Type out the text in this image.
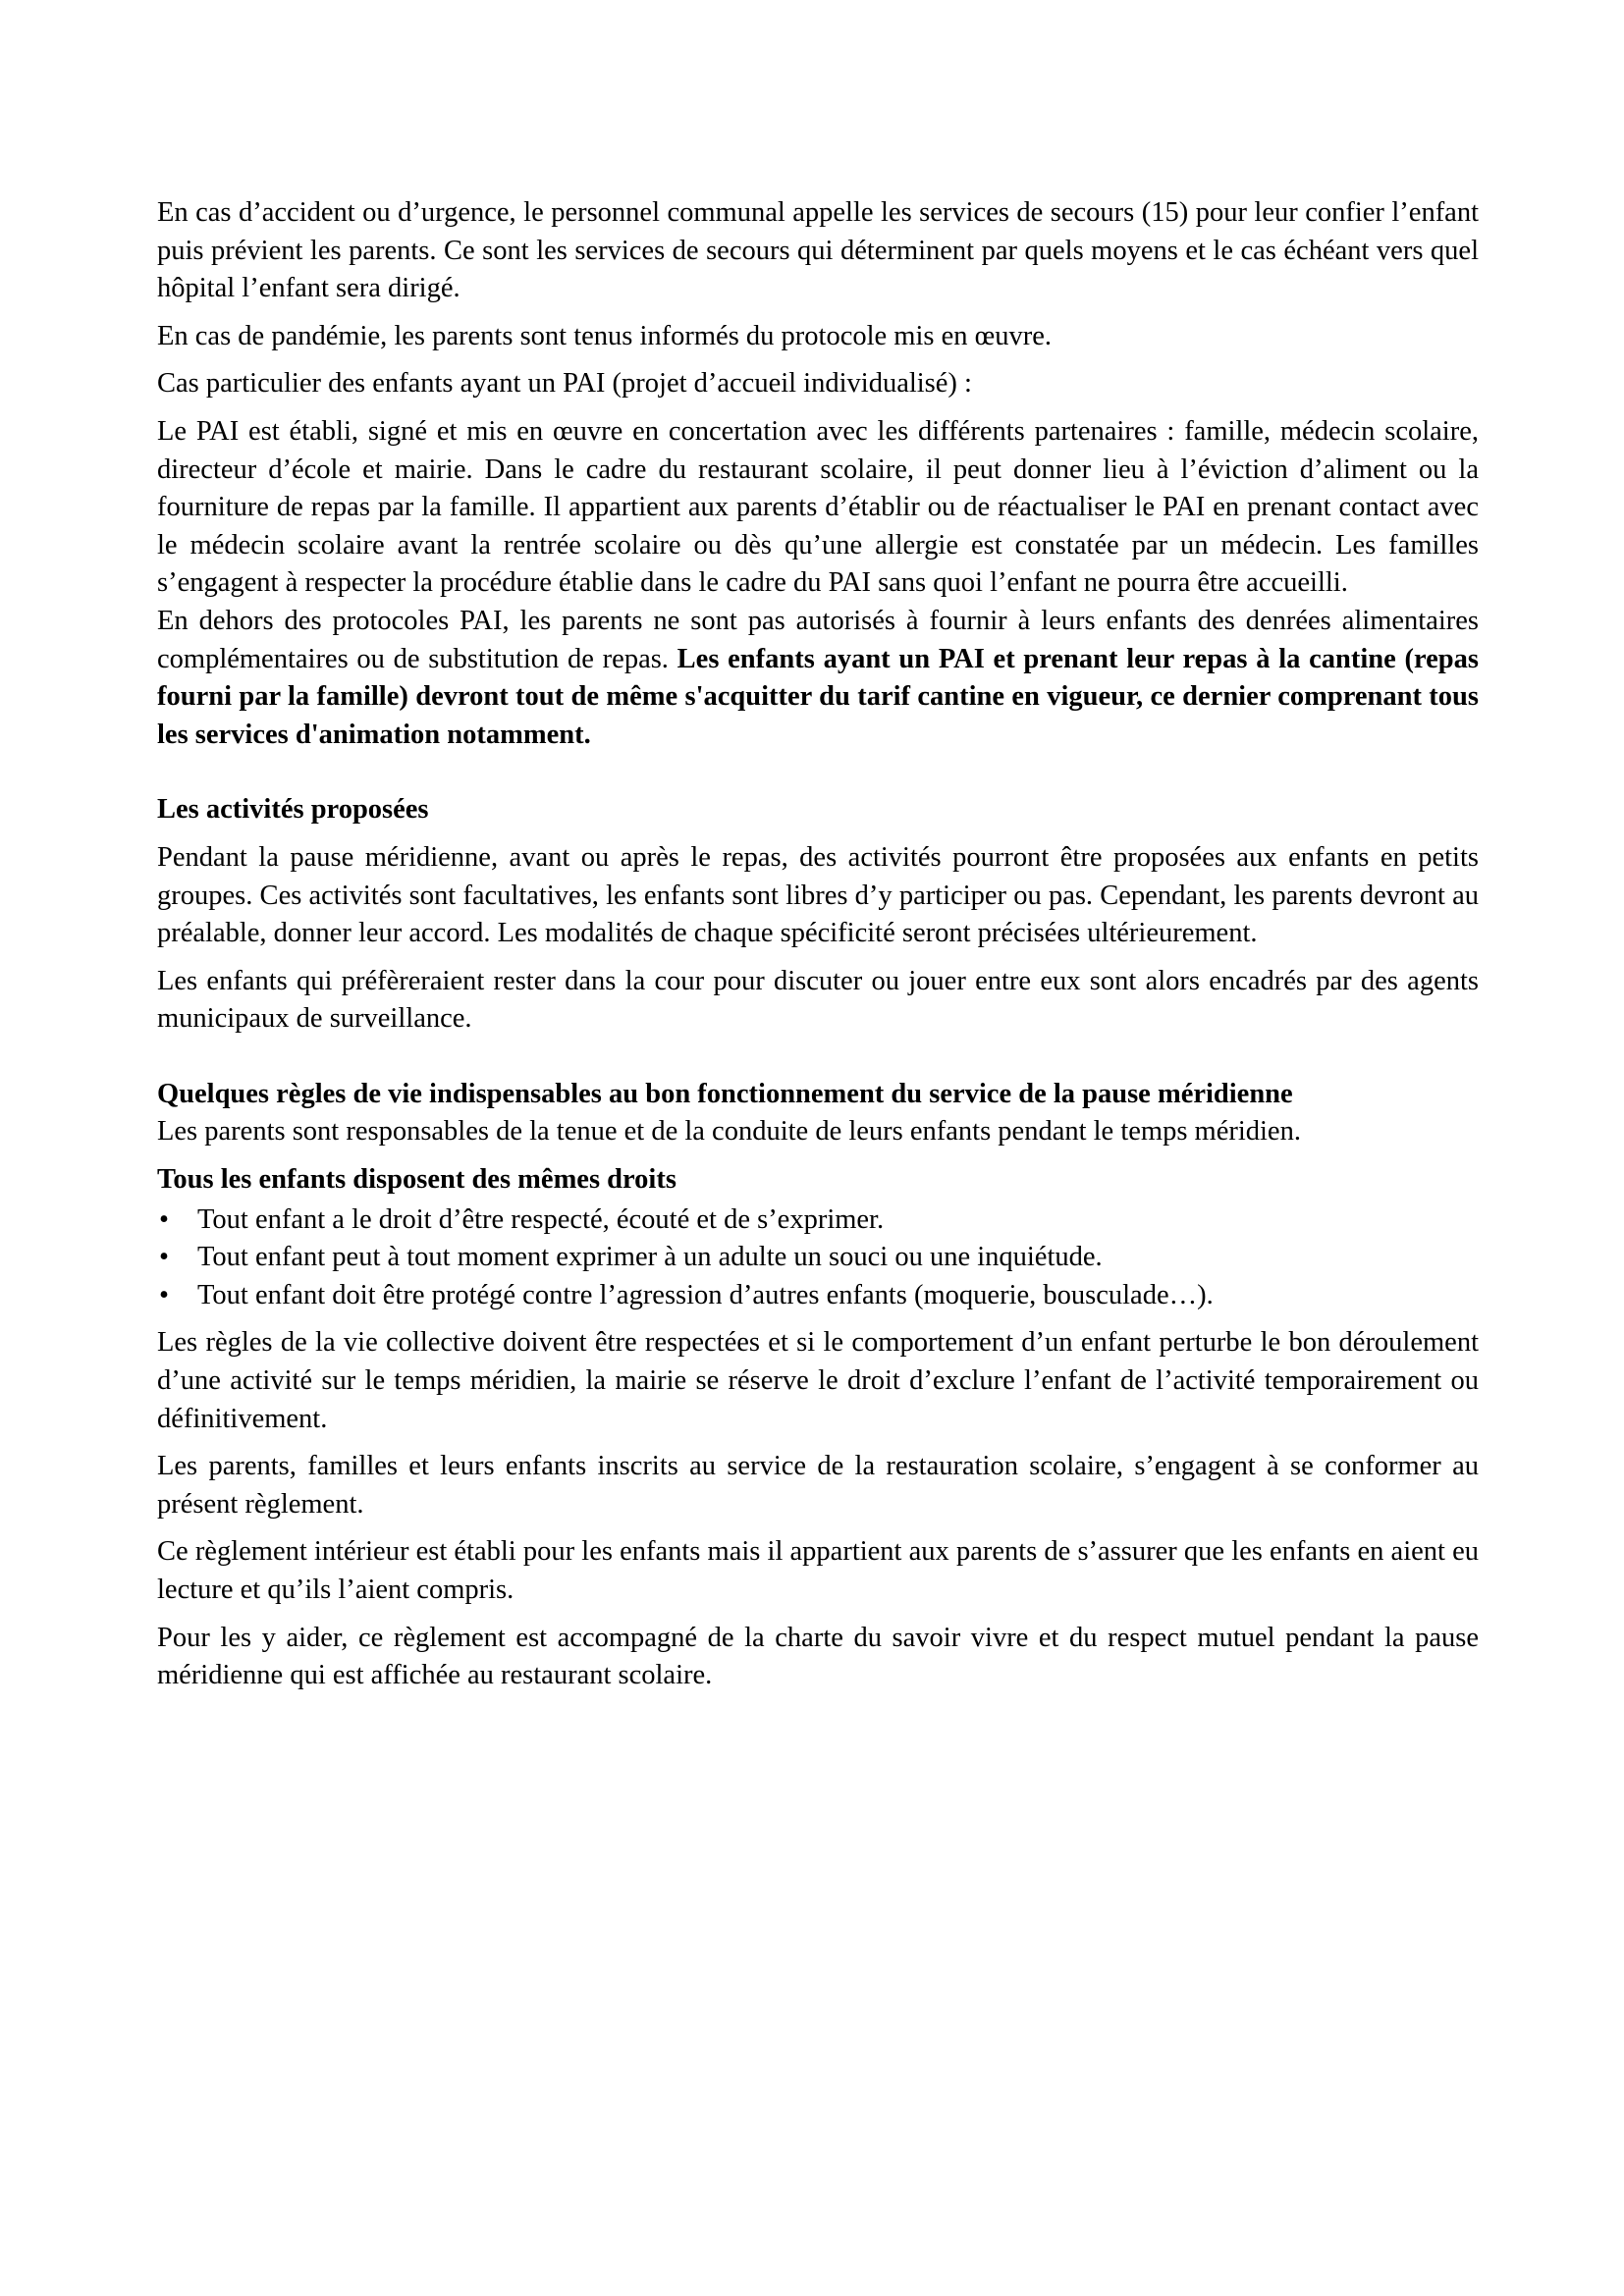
En cas d’accident ou d’urgence, le personnel communal appelle les services de secours (15) pour leur confier l’enfant puis prévient les parents. Ce sont les services de secours qui déterminent par quels moyens et le cas échéant vers quel hôpital l’enfant sera dirigé.

En cas de pandémie, les parents sont tenus informés du protocole mis en œuvre.

Cas particulier des enfants ayant un PAI (projet d’accueil individualisé) :

Le PAI est établi, signé et mis en œuvre en concertation avec les différents partenaires : famille, médecin scolaire, directeur d’école et mairie. Dans le cadre du restaurant scolaire, il peut donner lieu à l’éviction d’aliment ou la fourniture de repas par la famille. Il appartient aux parents d’établir ou de réactualiser le PAI en prenant contact avec le médecin scolaire avant la rentrée scolaire ou dès qu’une allergie est constatée par un médecin. Les familles s’engagent à respecter la procédure établie dans le cadre du PAI sans quoi l’enfant ne pourra être accueilli.

En dehors des protocoles PAI, les parents ne sont pas autorisés à fournir à leurs enfants des denrées alimentaires complémentaires ou de substitution de repas. Les enfants ayant un PAI et prenant leur repas à la cantine (repas fourni par la famille) devront tout de même s'acquitter du tarif cantine en vigueur, ce dernier comprenant tous les services d'animation notamment.

Les activités proposées

Pendant la pause méridienne, avant ou après le repas, des activités pourront être proposées aux enfants en petits groupes. Ces activités sont facultatives, les enfants sont libres d’y participer ou pas. Cependant, les parents devront au préalable, donner leur accord. Les modalités de chaque spécificité seront précisées ultérieurement.

Les enfants qui préfèreraient rester dans la cour pour discuter ou jouer entre eux sont alors encadrés par des agents municipaux de surveillance.

Quelques règles de vie indispensables au bon fonctionnement du service de la pause méridienne

Les parents sont responsables de la tenue et de la conduite de leurs enfants pendant le temps méridien.

Tous les enfants disposent des mêmes droits

• Tout enfant a le droit d’être respecté, écouté et de s’exprimer.
• Tout enfant peut à tout moment exprimer à un adulte un souci ou une inquiétude.
• Tout enfant doit être protégé contre l’agression d’autres enfants (moquerie, bousculade…).

Les règles de la vie collective doivent être respectées et si le comportement d’un enfant perturbe le bon déroulement d’une activité sur le temps méridien, la mairie se réserve le droit d’exclure l’enfant de l’activité temporairement ou définitivement.

Les parents, familles et leurs enfants inscrits au service de la restauration scolaire, s’engagent à se conformer au présent règlement.

Ce règlement intérieur est établi pour les enfants mais il appartient aux parents de s’assurer que les enfants en aient eu lecture et qu’ils l’aient compris.

Pour les y aider, ce règlement est accompagné de la charte du savoir vivre et du respect mutuel pendant la pause méridienne qui est affichée au restaurant scolaire.
